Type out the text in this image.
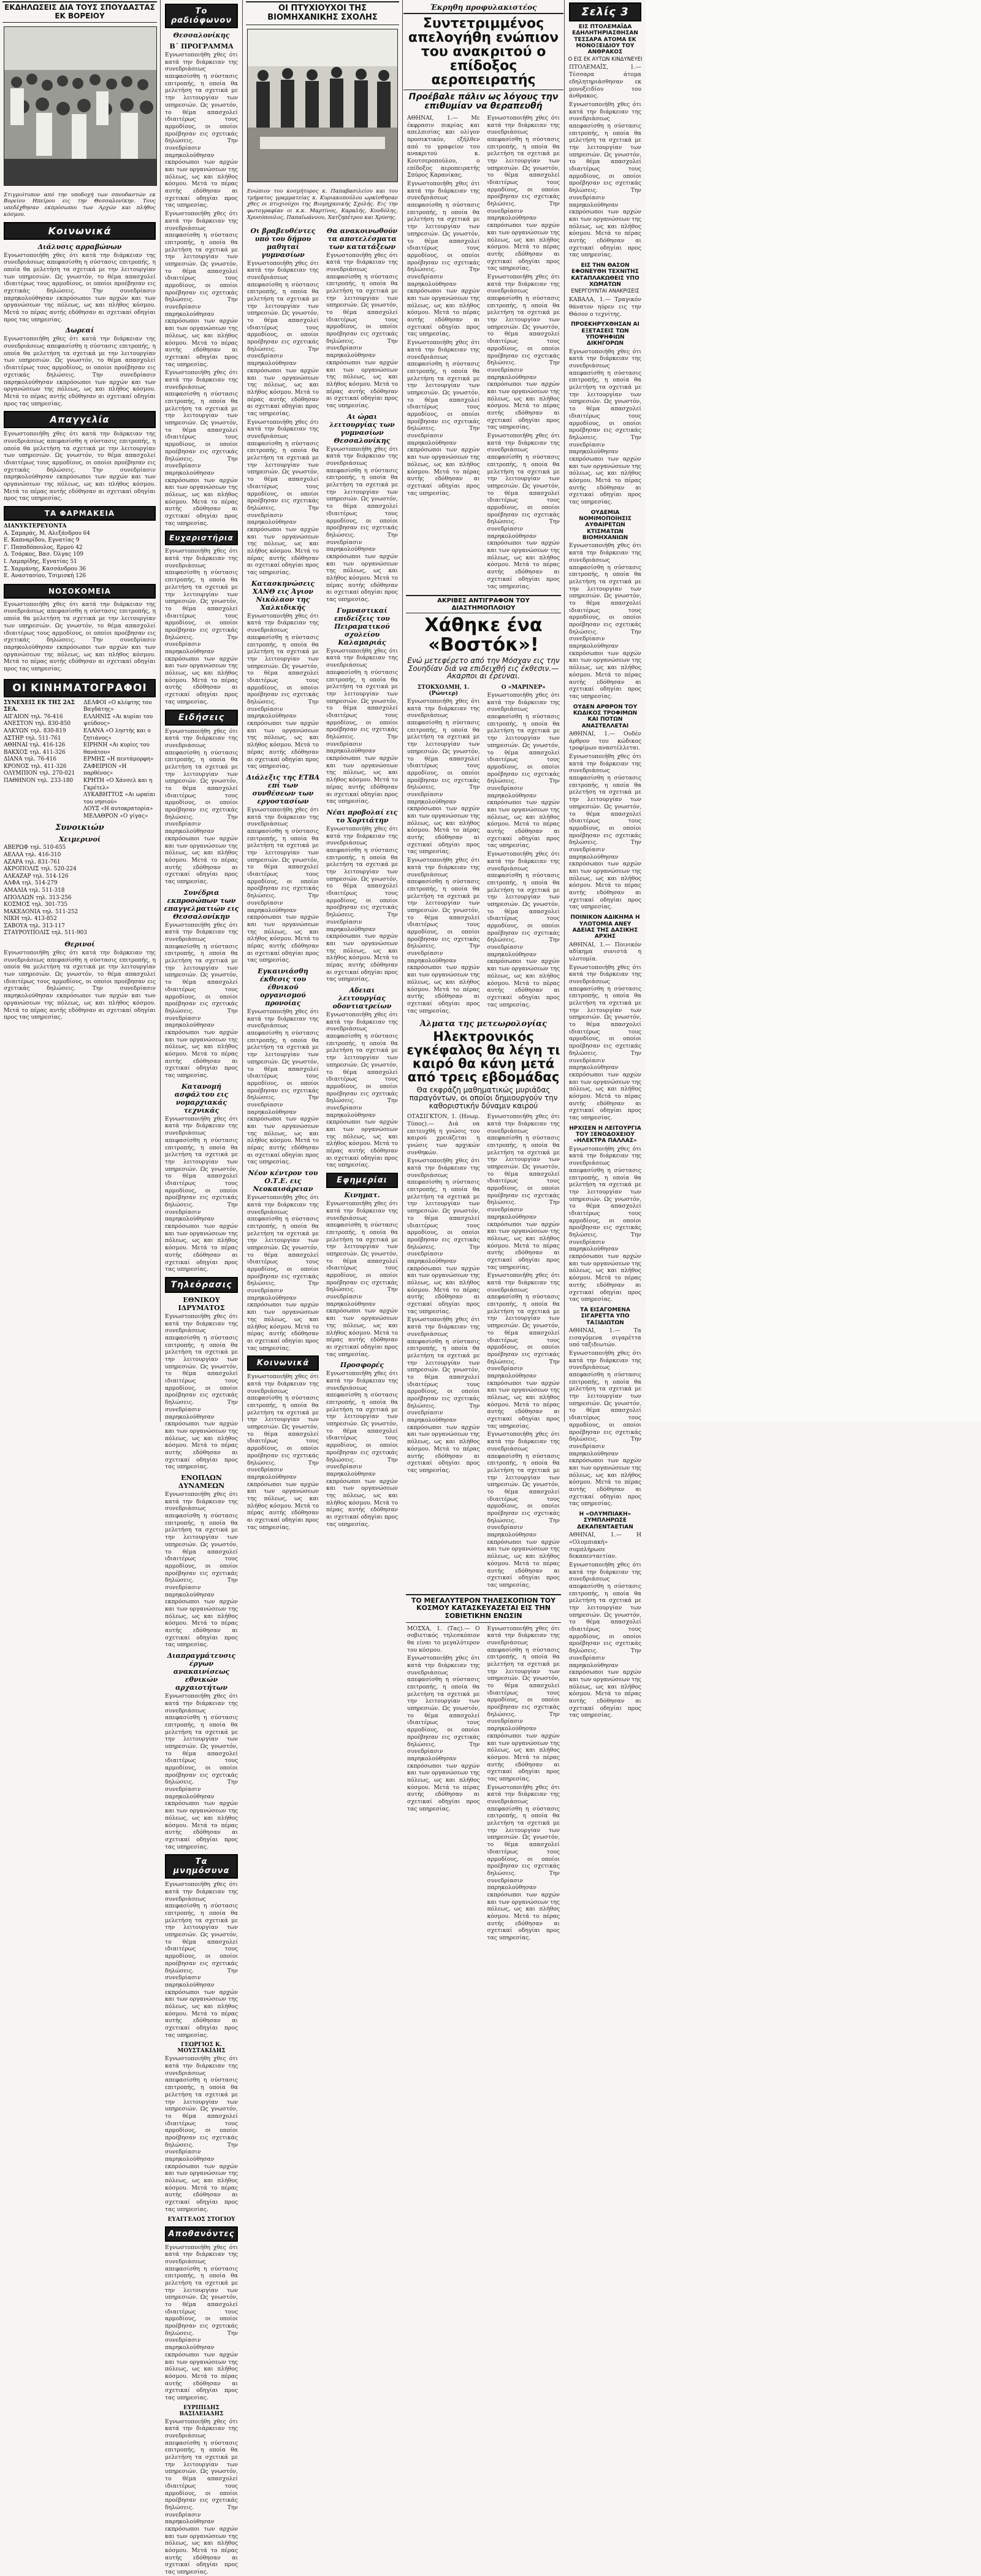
ΕΚΔΗΛΩΣΕΙΣ ΔΙΑ ΤΟΥΣ ΣΠΟΥΔΑΣΤΑΣ ΕΚ ΒΟΡΕΙΟΥ
Στιγμιότυπον από την υποδοχή των σπουδαστών εκ Βορείου Ηπείρου εις την Θεσσαλονίκην. Τους υπεδέχθησαν εκπρόσωποι των Αρχών και πλήθος κόσμου.
Κοινωνικά
Διάλυσις αρραβώνων
Εγνωστοποιήθη χθες ότι κατά την διάρκειαν της συνεδριάσεως απεφασίσθη η σύστασις επιτροπής, η οποία θα μελετήση τα σχετικά με την λειτουργίαν των υπηρεσιών. Ως γνωστόν, το θέμα απασχολεί ιδιαιτέρως τους αρμοδίους, οι οποίοι προέβησαν εις σχετικάς δηλώσεις. Την συνεδρίασιν παρηκολούθησαν εκπρόσωποι των αρχών και των οργανώσεων της πόλεως, ως και πλήθος κόσμου. Μετά το πέρας αυτής εδόθησαν αι σχετικαί οδηγίαι προς τας υπηρεσίας.
Δωρεαί
Εγνωστοποιήθη χθες ότι κατά την διάρκειαν της συνεδριάσεως απεφασίσθη η σύστασις επιτροπής, η οποία θα μελετήση τα σχετικά με την λειτουργίαν των υπηρεσιών. Ως γνωστόν, το θέμα απασχολεί ιδιαιτέρως τους αρμοδίους, οι οποίοι προέβησαν εις σχετικάς δηλώσεις. Την συνεδρίασιν παρηκολούθησαν εκπρόσωποι των αρχών και των οργανώσεων της πόλεως, ως και πλήθος κόσμου. Μετά το πέρας αυτής εδόθησαν αι σχετικαί οδηγίαι προς τας υπηρεσίας.
Απαγγελία
Εγνωστοποιήθη χθες ότι κατά την διάρκειαν της συνεδριάσεως απεφασίσθη η σύστασις επιτροπής, η οποία θα μελετήση τα σχετικά με την λειτουργίαν των υπηρεσιών. Ως γνωστόν, το θέμα απασχολεί ιδιαιτέρως τους αρμοδίους, οι οποίοι προέβησαν εις σχετικάς δηλώσεις. Την συνεδρίασιν παρηκολούθησαν εκπρόσωποι των αρχών και των οργανώσεων της πόλεως, ως και πλήθος κόσμου. Μετά το πέρας αυτής εδόθησαν αι σχετικαί οδηγίαι προς τας υπηρεσίας.
ΤΑ ΦΑΡΜΑΚΕΙΑ
ΔΙΑΝΥΚΤΕΡΕΥΟΝΤΑ
Α. Σαμαράς, Μ. Αλεξάνδρου 64
Ε. Καπναρίδου, Εγνατίας 9
Γ. Παπαδόπουλος, Ερμού 42
Δ. Τσάρκος, Βασ. Όλγας 109
Ι. Λαμπρίδης, Εγνατίας 51
Σ. Χαρμάνης, Κασσάνδρου 36
Ε. Αναστασίου, Τσιμισκή 126
ΝΟΣΟΚΟΜΕΙΑ
Εγνωστοποιήθη χθες ότι κατά την διάρκειαν της συνεδριάσεως απεφασίσθη η σύστασις επιτροπής, η οποία θα μελετήση τα σχετικά με την λειτουργίαν των υπηρεσιών. Ως γνωστόν, το θέμα απασχολεί ιδιαιτέρως τους αρμοδίους, οι οποίοι προέβησαν εις σχετικάς δηλώσεις. Την συνεδρίασιν παρηκολούθησαν εκπρόσωποι των αρχών και των οργανώσεων της πόλεως, ως και πλήθος κόσμου. Μετά το πέρας αυτής εδόθησαν αι σχετικαί οδηγίαι προς τας υπηρεσίας.
ΟΙ ΚΙΝΗΜΑΤΟΓΡΑΦΟΙ
ΣΥΝΕΧΕΙΣ ΕΚ ΤΗΣ 2ΑΣ ΣΕΑ.
ΑΙΓΑΙΟΝ τηλ. 76-416
ΑΝΕΣΤΟΝ τηλ. 830-850
ΑΛΚΥΩΝ τηλ. 830-819
ΑΣΤΗΡ τηλ. 511-761
ΑΘΗΝΑΙ τηλ. 416-126
ΒΑΚΧΟΣ τηλ. 411-326
ΔΙΑΝΑ τηλ. 76-416
ΚΡΟΝΟΣ τηλ. 411-326
ΟΛΥΜΠΙΟΝ τηλ. 270-021
ΠΑΘΗΝΟΝ τηλ. 233-180
ΔΕΛΦΟΙ «Ο κλέφτης του Βαγδάτης»
ΕΛΛΗΝΙΣ «Αι κυρίαι του ψεύδους»
ΕΛΑΝΑ «Ο ληστής και ο ζητιάνος»
ΕΙΡΗΝΗ «Αι κυρίες του θανάτου»
ΕΡΜΗΣ «Η πεντάμορφη»
ΖΑΦΕΙΡΙΟΝ «Η παρθένος»
ΚΡΗΤΗ «Ο Χάνσελ και η Γκρέτελ»
ΛΥΚΑΒΗΤΤΟΣ «Αι ωραίαι του νησιού»
ΛΟΥΞ «Η αυτοκρατορία»
ΜΕΛΑΘΡΟΝ «Ο γίγας»
Συνοικιών
Χειμερινοί
ΑΒΕΡΩΦ τηλ. 510-655
ΑΕΛΛΑ τηλ. 416-310
ΑΖΑΡΑ τηλ. 831-761
ΑΚΡΟΠΟΛΙΣ τηλ. 520-224
ΑΛΚΑΖΑΡ τηλ. 514-126
ΑΛΦΑ τηλ. 514-279
ΑΜΑΛΙΑ τηλ. 511-318
ΑΠΟΛΛΩΝ τηλ. 313-256
ΚΟΣΜΟΣ τηλ. 301-735
ΜΑΚΕΔΟΝΙΑ τηλ. 511-252
ΝΙΚΗ τηλ. 413-852
ΣΑΒΟΥΑ τηλ. 313-117
ΣΤΑΥΡΟΥΠΟΛΙΣ τηλ. 511-903
Θερινοί
Εγνωστοποιήθη χθες ότι κατά την διάρκειαν της συνεδριάσεως απεφασίσθη η σύστασις επιτροπής, η οποία θα μελετήση τα σχετικά με την λειτουργίαν των υπηρεσιών. Ως γνωστόν, το θέμα απασχολεί ιδιαιτέρως τους αρμοδίους, οι οποίοι προέβησαν εις σχετικάς δηλώσεις. Την συνεδρίασιν παρηκολούθησαν εκπρόσωποι των αρχών και των οργανώσεων της πόλεως, ως και πλήθος κόσμου. Μετά το πέρας αυτής εδόθησαν αι σχετικαί οδηγίαι προς τας υπηρεσίας.
Το ραδιόφωνον
Θεσσαλονίκης
Β΄ ΠΡΟΓΡΑΜΜΑ
Εγνωστοποιήθη χθες ότι κατά την διάρκειαν της συνεδριάσεως απεφασίσθη η σύστασις επιτροπής, η οποία θα μελετήση τα σχετικά με την λειτουργίαν των υπηρεσιών. Ως γνωστόν, το θέμα απασχολεί ιδιαιτέρως τους αρμοδίους, οι οποίοι προέβησαν εις σχετικάς δηλώσεις. Την συνεδρίασιν παρηκολούθησαν εκπρόσωποι των αρχών και των οργανώσεων της πόλεως, ως και πλήθος κόσμου. Μετά το πέρας αυτής εδόθησαν αι σχετικαί οδηγίαι προς τας υπηρεσίας.
Εγνωστοποιήθη χθες ότι κατά την διάρκειαν της συνεδριάσεως απεφασίσθη η σύστασις επιτροπής, η οποία θα μελετήση τα σχετικά με την λειτουργίαν των υπηρεσιών. Ως γνωστόν, το θέμα απασχολεί ιδιαιτέρως τους αρμοδίους, οι οποίοι προέβησαν εις σχετικάς δηλώσεις. Την συνεδρίασιν παρηκολούθησαν εκπρόσωποι των αρχών και των οργανώσεων της πόλεως, ως και πλήθος κόσμου. Μετά το πέρας αυτής εδόθησαν αι σχετικαί οδηγίαι προς τας υπηρεσίας.
Εγνωστοποιήθη χθες ότι κατά την διάρκειαν της συνεδριάσεως απεφασίσθη η σύστασις επιτροπής, η οποία θα μελετήση τα σχετικά με την λειτουργίαν των υπηρεσιών. Ως γνωστόν, το θέμα απασχολεί ιδιαιτέρως τους αρμοδίους, οι οποίοι προέβησαν εις σχετικάς δηλώσεις. Την συνεδρίασιν παρηκολούθησαν εκπρόσωποι των αρχών και των οργανώσεων της πόλεως, ως και πλήθος κόσμου. Μετά το πέρας αυτής εδόθησαν αι σχετικαί οδηγίαι προς τας υπηρεσίας.
Ευχαριστήρια
Εγνωστοποιήθη χθες ότι κατά την διάρκειαν της συνεδριάσεως απεφασίσθη η σύστασις επιτροπής, η οποία θα μελετήση τα σχετικά με την λειτουργίαν των υπηρεσιών. Ως γνωστόν, το θέμα απασχολεί ιδιαιτέρως τους αρμοδίους, οι οποίοι προέβησαν εις σχετικάς δηλώσεις. Την συνεδρίασιν παρηκολούθησαν εκπρόσωποι των αρχών και των οργανώσεων της πόλεως, ως και πλήθος κόσμου. Μετά το πέρας αυτής εδόθησαν αι σχετικαί οδηγίαι προς τας υπηρεσίας.
Ειδήσεις
Εγνωστοποιήθη χθες ότι κατά την διάρκειαν της συνεδριάσεως απεφασίσθη η σύστασις επιτροπής, η οποία θα μελετήση τα σχετικά με την λειτουργίαν των υπηρεσιών. Ως γνωστόν, το θέμα απασχολεί ιδιαιτέρως τους αρμοδίους, οι οποίοι προέβησαν εις σχετικάς δηλώσεις. Την συνεδρίασιν παρηκολούθησαν εκπρόσωποι των αρχών και των οργανώσεων της πόλεως, ως και πλήθος κόσμου. Μετά το πέρας αυτής εδόθησαν αι σχετικαί οδηγίαι προς τας υπηρεσίας.
Συνέδρια εκπροσώπων των επαγγελματιών εις Θεσσαλονίκην
Εγνωστοποιήθη χθες ότι κατά την διάρκειαν της συνεδριάσεως απεφασίσθη η σύστασις επιτροπής, η οποία θα μελετήση τα σχετικά με την λειτουργίαν των υπηρεσιών. Ως γνωστόν, το θέμα απασχολεί ιδιαιτέρως τους αρμοδίους, οι οποίοι προέβησαν εις σχετικάς δηλώσεις. Την συνεδρίασιν παρηκολούθησαν εκπρόσωποι των αρχών και των οργανώσεων της πόλεως, ως και πλήθος κόσμου. Μετά το πέρας αυτής εδόθησαν αι σχετικαί οδηγίαι προς τας υπηρεσίας.
Κατανομή ασφάλτου εις νομαρχιακάς τεχνικάς
Εγνωστοποιήθη χθες ότι κατά την διάρκειαν της συνεδριάσεως απεφασίσθη η σύστασις επιτροπής, η οποία θα μελετήση τα σχετικά με την λειτουργίαν των υπηρεσιών. Ως γνωστόν, το θέμα απασχολεί ιδιαιτέρως τους αρμοδίους, οι οποίοι προέβησαν εις σχετικάς δηλώσεις. Την συνεδρίασιν παρηκολούθησαν εκπρόσωποι των αρχών και των οργανώσεων της πόλεως, ως και πλήθος κόσμου. Μετά το πέρας αυτής εδόθησαν αι σχετικαί οδηγίαι προς τας υπηρεσίας.
Τηλεόρασις
ΕΘΝΙΚΟΥ ΙΔΡΥΜΑΤΟΣ
Εγνωστοποιήθη χθες ότι κατά την διάρκειαν της συνεδριάσεως απεφασίσθη η σύστασις επιτροπής, η οποία θα μελετήση τα σχετικά με την λειτουργίαν των υπηρεσιών. Ως γνωστόν, το θέμα απασχολεί ιδιαιτέρως τους αρμοδίους, οι οποίοι προέβησαν εις σχετικάς δηλώσεις. Την συνεδρίασιν παρηκολούθησαν εκπρόσωποι των αρχών και των οργανώσεων της πόλεως, ως και πλήθος κόσμου. Μετά το πέρας αυτής εδόθησαν αι σχετικαί οδηγίαι προς τας υπηρεσίας.
ΕΝΟΠΛΩΝ ΔΥΝΑΜΕΩΝ
Εγνωστοποιήθη χθες ότι κατά την διάρκειαν της συνεδριάσεως απεφασίσθη η σύστασις επιτροπής, η οποία θα μελετήση τα σχετικά με την λειτουργίαν των υπηρεσιών. Ως γνωστόν, το θέμα απασχολεί ιδιαιτέρως τους αρμοδίους, οι οποίοι προέβησαν εις σχετικάς δηλώσεις. Την συνεδρίασιν παρηκολούθησαν εκπρόσωποι των αρχών και των οργανώσεων της πόλεως, ως και πλήθος κόσμου. Μετά το πέρας αυτής εδόθησαν αι σχετικαί οδηγίαι προς τας υπηρεσίας.
Διαπραγμάτευσις έργων ανακαινίσεως εθνικών αρχαιοτήτων
Εγνωστοποιήθη χθες ότι κατά την διάρκειαν της συνεδριάσεως απεφασίσθη η σύστασις επιτροπής, η οποία θα μελετήση τα σχετικά με την λειτουργίαν των υπηρεσιών. Ως γνωστόν, το θέμα απασχολεί ιδιαιτέρως τους αρμοδίους, οι οποίοι προέβησαν εις σχετικάς δηλώσεις. Την συνεδρίασιν παρηκολούθησαν εκπρόσωποι των αρχών και των οργανώσεων της πόλεως, ως και πλήθος κόσμου. Μετά το πέρας αυτής εδόθησαν αι σχετικαί οδηγίαι προς τας υπηρεσίας.
Τα μνημόσυνα
Εγνωστοποιήθη χθες ότι κατά την διάρκειαν της συνεδριάσεως απεφασίσθη η σύστασις επιτροπής, η οποία θα μελετήση τα σχετικά με την λειτουργίαν των υπηρεσιών. Ως γνωστόν, το θέμα απασχολεί ιδιαιτέρως τους αρμοδίους, οι οποίοι προέβησαν εις σχετικάς δηλώσεις. Την συνεδρίασιν παρηκολούθησαν εκπρόσωποι των αρχών και των οργανώσεων της πόλεως, ως και πλήθος κόσμου. Μετά το πέρας αυτής εδόθησαν αι σχετικαί οδηγίαι προς τας υπηρεσίας.
ΓΕΩΡΓΙΟΣ Κ. ΜΟΥΣΤΑΚΙΔΗΣ
Εγνωστοποιήθη χθες ότι κατά την διάρκειαν της συνεδριάσεως απεφασίσθη η σύστασις επιτροπής, η οποία θα μελετήση τα σχετικά με την λειτουργίαν των υπηρεσιών. Ως γνωστόν, το θέμα απασχολεί ιδιαιτέρως τους αρμοδίους, οι οποίοι προέβησαν εις σχετικάς δηλώσεις. Την συνεδρίασιν παρηκολούθησαν εκπρόσωποι των αρχών και των οργανώσεων της πόλεως, ως και πλήθος κόσμου. Μετά το πέρας αυτής εδόθησαν αι σχετικαί οδηγίαι προς τας υπηρεσίας.
ΕΥΑΓΓΕΛΟΣ ΣΤΟΓΙΟΥ
Αποθανόντες
Εγνωστοποιήθη χθες ότι κατά την διάρκειαν της συνεδριάσεως απεφασίσθη η σύστασις επιτροπής, η οποία θα μελετήση τα σχετικά με την λειτουργίαν των υπηρεσιών. Ως γνωστόν, το θέμα απασχολεί ιδιαιτέρως τους αρμοδίους, οι οποίοι προέβησαν εις σχετικάς δηλώσεις. Την συνεδρίασιν παρηκολούθησαν εκπρόσωποι των αρχών και των οργανώσεων της πόλεως, ως και πλήθος κόσμου. Μετά το πέρας αυτής εδόθησαν αι σχετικαί οδηγίαι προς τας υπηρεσίας.
ΕΥΡΙΠΙΔΗΣ ΒΑΣΙΛΕΙΑΔΗΣ
Εγνωστοποιήθη χθες ότι κατά την διάρκειαν της συνεδριάσεως απεφασίσθη η σύστασις επιτροπής, η οποία θα μελετήση τα σχετικά με την λειτουργίαν των υπηρεσιών. Ως γνωστόν, το θέμα απασχολεί ιδιαιτέρως τους αρμοδίους, οι οποίοι προέβησαν εις σχετικάς δηλώσεις. Την συνεδρίασιν παρηκολούθησαν εκπρόσωποι των αρχών και των οργανώσεων της πόλεως, ως και πλήθος κόσμου. Μετά το πέρας αυτής εδόθησαν αι σχετικαί οδηγίαι προς τας υπηρεσίας.
ΟΙ ΠΤΥΧΙΟΥΧΟΙ ΤΗΣ ΒΙΟΜΗΧΑΝΙΚΗΣ ΣΧΟΛΗΣ
Ενώπιον του κοσμήτορος κ. Παπαβασιλείου και του τμήματος γραμματείας κ. Κυριακοπούλου ωρκίσθησαν χθες οι πτυχιούχοι της Βιομηχανικής Σχολής. Εις την φωτογραφίαν οι κ.κ. Μαρτίνος, Καραλής, Κονδόλης, Χρυσόπουλος, Παπαϊωάννου, Χατζηπέτρου και Χρύσης.
Οι βραβευθέντες υπό του δήμου μαθηταί γυμνασίων
Εγνωστοποιήθη χθες ότι κατά την διάρκειαν της συνεδριάσεως απεφασίσθη η σύστασις επιτροπής, η οποία θα μελετήση τα σχετικά με την λειτουργίαν των υπηρεσιών. Ως γνωστόν, το θέμα απασχολεί ιδιαιτέρως τους αρμοδίους, οι οποίοι προέβησαν εις σχετικάς δηλώσεις. Την συνεδρίασιν παρηκολούθησαν εκπρόσωποι των αρχών και των οργανώσεων της πόλεως, ως και πλήθος κόσμου. Μετά το πέρας αυτής εδόθησαν αι σχετικαί οδηγίαι προς τας υπηρεσίας.
Εγνωστοποιήθη χθες ότι κατά την διάρκειαν της συνεδριάσεως απεφασίσθη η σύστασις επιτροπής, η οποία θα μελετήση τα σχετικά με την λειτουργίαν των υπηρεσιών. Ως γνωστόν, το θέμα απασχολεί ιδιαιτέρως τους αρμοδίους, οι οποίοι προέβησαν εις σχετικάς δηλώσεις. Την συνεδρίασιν παρηκολούθησαν εκπρόσωποι των αρχών και των οργανώσεων της πόλεως, ως και πλήθος κόσμου. Μετά το πέρας αυτής εδόθησαν αι σχετικαί οδηγίαι προς τας υπηρεσίας.
Κατασκηνώσεις ΧΑΝΘ εις Άγιον Νικόλαον της Χαλκιδικής
Εγνωστοποιήθη χθες ότι κατά την διάρκειαν της συνεδριάσεως απεφασίσθη η σύστασις επιτροπής, η οποία θα μελετήση τα σχετικά με την λειτουργίαν των υπηρεσιών. Ως γνωστόν, το θέμα απασχολεί ιδιαιτέρως τους αρμοδίους, οι οποίοι προέβησαν εις σχετικάς δηλώσεις. Την συνεδρίασιν παρηκολούθησαν εκπρόσωποι των αρχών και των οργανώσεων της πόλεως, ως και πλήθος κόσμου. Μετά το πέρας αυτής εδόθησαν αι σχετικαί οδηγίαι προς τας υπηρεσίας.
Διάλεξις της ΕΤΒΑ επί των συνθέσεων των εργοστασίων
Εγνωστοποιήθη χθες ότι κατά την διάρκειαν της συνεδριάσεως απεφασίσθη η σύστασις επιτροπής, η οποία θα μελετήση τα σχετικά με την λειτουργίαν των υπηρεσιών. Ως γνωστόν, το θέμα απασχολεί ιδιαιτέρως τους αρμοδίους, οι οποίοι προέβησαν εις σχετικάς δηλώσεις. Την συνεδρίασιν παρηκολούθησαν εκπρόσωποι των αρχών και των οργανώσεων της πόλεως, ως και πλήθος κόσμου. Μετά το πέρας αυτής εδόθησαν αι σχετικαί οδηγίαι προς τας υπηρεσίας.
Εγκαινιάσθη έκθεσις του έθνικού οργανισμού προνοίας
Εγνωστοποιήθη χθες ότι κατά την διάρκειαν της συνεδριάσεως απεφασίσθη η σύστασις επιτροπής, η οποία θα μελετήση τα σχετικά με την λειτουργίαν των υπηρεσιών. Ως γνωστόν, το θέμα απασχολεί ιδιαιτέρως τους αρμοδίους, οι οποίοι προέβησαν εις σχετικάς δηλώσεις. Την συνεδρίασιν παρηκολούθησαν εκπρόσωποι των αρχών και των οργανώσεων της πόλεως, ως και πλήθος κόσμου. Μετά το πέρας αυτής εδόθησαν αι σχετικαί οδηγίαι προς τας υπηρεσίας.
Νέον κέντρον του Ο.Τ.Ε. εις Νεοκαισάρειαν
Εγνωστοποιήθη χθες ότι κατά την διάρκειαν της συνεδριάσεως απεφασίσθη η σύστασις επιτροπής, η οποία θα μελετήση τα σχετικά με την λειτουργίαν των υπηρεσιών. Ως γνωστόν, το θέμα απασχολεί ιδιαιτέρως τους αρμοδίους, οι οποίοι προέβησαν εις σχετικάς δηλώσεις. Την συνεδρίασιν παρηκολούθησαν εκπρόσωποι των αρχών και των οργανώσεων της πόλεως, ως και πλήθος κόσμου. Μετά το πέρας αυτής εδόθησαν αι σχετικαί οδηγίαι προς τας υπηρεσίας.
Κοινωνικά
Εγνωστοποιήθη χθες ότι κατά την διάρκειαν της συνεδριάσεως απεφασίσθη η σύστασις επιτροπής, η οποία θα μελετήση τα σχετικά με την λειτουργίαν των υπηρεσιών. Ως γνωστόν, το θέμα απασχολεί ιδιαιτέρως τους αρμοδίους, οι οποίοι προέβησαν εις σχετικάς δηλώσεις. Την συνεδρίασιν παρηκολούθησαν εκπρόσωποι των αρχών και των οργανώσεων της πόλεως, ως και πλήθος κόσμου. Μετά το πέρας αυτής εδόθησαν αι σχετικαί οδηγίαι προς τας υπηρεσίας.
Θα ανακοινωθούν τα αποτελέσματα των κατατάξεων
Εγνωστοποιήθη χθες ότι κατά την διάρκειαν της συνεδριάσεως απεφασίσθη η σύστασις επιτροπής, η οποία θα μελετήση τα σχετικά με την λειτουργίαν των υπηρεσιών. Ως γνωστόν, το θέμα απασχολεί ιδιαιτέρως τους αρμοδίους, οι οποίοι προέβησαν εις σχετικάς δηλώσεις. Την συνεδρίασιν παρηκολούθησαν εκπρόσωποι των αρχών και των οργανώσεων της πόλεως, ως και πλήθος κόσμου. Μετά το πέρας αυτής εδόθησαν αι σχετικαί οδηγίαι προς τας υπηρεσίας.
Αι ώραι λειτουργίας των γυμνασίων Θεσσαλονίκης
Εγνωστοποιήθη χθες ότι κατά την διάρκειαν της συνεδριάσεως απεφασίσθη η σύστασις επιτροπής, η οποία θα μελετήση τα σχετικά με την λειτουργίαν των υπηρεσιών. Ως γνωστόν, το θέμα απασχολεί ιδιαιτέρως τους αρμοδίους, οι οποίοι προέβησαν εις σχετικάς δηλώσεις. Την συνεδρίασιν παρηκολούθησαν εκπρόσωποι των αρχών και των οργανώσεων της πόλεως, ως και πλήθος κόσμου. Μετά το πέρας αυτής εδόθησαν αι σχετικαί οδηγίαι προς τας υπηρεσίας.
Γυμναστικαί επιδείξεις του Πειραματικού σχολείου Καλαμαριάς
Εγνωστοποιήθη χθες ότι κατά την διάρκειαν της συνεδριάσεως απεφασίσθη η σύστασις επιτροπής, η οποία θα μελετήση τα σχετικά με την λειτουργίαν των υπηρεσιών. Ως γνωστόν, το θέμα απασχολεί ιδιαιτέρως τους αρμοδίους, οι οποίοι προέβησαν εις σχετικάς δηλώσεις. Την συνεδρίασιν παρηκολούθησαν εκπρόσωποι των αρχών και των οργανώσεων της πόλεως, ως και πλήθος κόσμου. Μετά το πέρας αυτής εδόθησαν αι σχετικαί οδηγίαι προς τας υπηρεσίας.
Νέαι προβολαί εις το Χορτιάτην
Εγνωστοποιήθη χθες ότι κατά την διάρκειαν της συνεδριάσεως απεφασίσθη η σύστασις επιτροπής, η οποία θα μελετήση τα σχετικά με την λειτουργίαν των υπηρεσιών. Ως γνωστόν, το θέμα απασχολεί ιδιαιτέρως τους αρμοδίους, οι οποίοι προέβησαν εις σχετικάς δηλώσεις. Την συνεδρίασιν παρηκολούθησαν εκπρόσωποι των αρχών και των οργανώσεων της πόλεως, ως και πλήθος κόσμου. Μετά το πέρας αυτής εδόθησαν αι σχετικαί οδηγίαι προς τας υπηρεσίας.
Αδειαι λειτουργίας οδοντιατρείων
Εγνωστοποιήθη χθες ότι κατά την διάρκειαν της συνεδριάσεως απεφασίσθη η σύστασις επιτροπής, η οποία θα μελετήση τα σχετικά με την λειτουργίαν των υπηρεσιών. Ως γνωστόν, το θέμα απασχολεί ιδιαιτέρως τους αρμοδίους, οι οποίοι προέβησαν εις σχετικάς δηλώσεις. Την συνεδρίασιν παρηκολούθησαν εκπρόσωποι των αρχών και των οργανώσεων της πόλεως, ως και πλήθος κόσμου. Μετά το πέρας αυτής εδόθησαν αι σχετικαί οδηγίαι προς τας υπηρεσίας.
Εφημερίαι
Κινηματ.
Εγνωστοποιήθη χθες ότι κατά την διάρκειαν της συνεδριάσεως απεφασίσθη η σύστασις επιτροπής, η οποία θα μελετήση τα σχετικά με την λειτουργίαν των υπηρεσιών. Ως γνωστόν, το θέμα απασχολεί ιδιαιτέρως τους αρμοδίους, οι οποίοι προέβησαν εις σχετικάς δηλώσεις. Την συνεδρίασιν παρηκολούθησαν εκπρόσωποι των αρχών και των οργανώσεων της πόλεως, ως και πλήθος κόσμου. Μετά το πέρας αυτής εδόθησαν αι σχετικαί οδηγίαι προς τας υπηρεσίας.
Προσφορές
Εγνωστοποιήθη χθες ότι κατά την διάρκειαν της συνεδριάσεως απεφασίσθη η σύστασις επιτροπής, η οποία θα μελετήση τα σχετικά με την λειτουργίαν των υπηρεσιών. Ως γνωστόν, το θέμα απασχολεί ιδιαιτέρως τους αρμοδίους, οι οποίοι προέβησαν εις σχετικάς δηλώσεις. Την συνεδρίασιν παρηκολούθησαν εκπρόσωποι των αρχών και των οργανώσεων της πόλεως, ως και πλήθος κόσμου. Μετά το πέρας αυτής εδόθησαν αι σχετικαί οδηγίαι προς τας υπηρεσίας.
Έκρηθη προφυλακιστέος
Συντετριμμένος απελογήθη ενώπιον του ανακριτού ο επίδοξος αεροπειρατής
Προέβαλε πάλιν ως λόγους την επιθυμίαν να θεραπευθή
ΑΘΗΝΑΙ, 1.— Με έκφρασιν πικρίας και απελπισίας και ολίγον προσεκτικόν, εξήλθεν από το γραφείον του ανακριτού κ. Κουτσεροπούλου, ο επίδοξος αεροπειρατής Σπύρος Καρανίκας.
Εγνωστοποιήθη χθες ότι κατά την διάρκειαν της συνεδριάσεως απεφασίσθη η σύστασις επιτροπής, η οποία θα μελετήση τα σχετικά με την λειτουργίαν των υπηρεσιών. Ως γνωστόν, το θέμα απασχολεί ιδιαιτέρως τους αρμοδίους, οι οποίοι προέβησαν εις σχετικάς δηλώσεις. Την συνεδρίασιν παρηκολούθησαν εκπρόσωποι των αρχών και των οργανώσεων της πόλεως, ως και πλήθος κόσμου. Μετά το πέρας αυτής εδόθησαν αι σχετικαί οδηγίαι προς τας υπηρεσίας.
Εγνωστοποιήθη χθες ότι κατά την διάρκειαν της συνεδριάσεως απεφασίσθη η σύστασις επιτροπής, η οποία θα μελετήση τα σχετικά με την λειτουργίαν των υπηρεσιών. Ως γνωστόν, το θέμα απασχολεί ιδιαιτέρως τους αρμοδίους, οι οποίοι προέβησαν εις σχετικάς δηλώσεις. Την συνεδρίασιν παρηκολούθησαν εκπρόσωποι των αρχών και των οργανώσεων της πόλεως, ως και πλήθος κόσμου. Μετά το πέρας αυτής εδόθησαν αι σχετικαί οδηγίαι προς τας υπηρεσίας.
Εγνωστοποιήθη χθες ότι κατά την διάρκειαν της συνεδριάσεως απεφασίσθη η σύστασις επιτροπής, η οποία θα μελετήση τα σχετικά με την λειτουργίαν των υπηρεσιών. Ως γνωστόν, το θέμα απασχολεί ιδιαιτέρως τους αρμοδίους, οι οποίοι προέβησαν εις σχετικάς δηλώσεις. Την συνεδρίασιν παρηκολούθησαν εκπρόσωποι των αρχών και των οργανώσεων της πόλεως, ως και πλήθος κόσμου. Μετά το πέρας αυτής εδόθησαν αι σχετικαί οδηγίαι προς τας υπηρεσίας.
Εγνωστοποιήθη χθες ότι κατά την διάρκειαν της συνεδριάσεως απεφασίσθη η σύστασις επιτροπής, η οποία θα μελετήση τα σχετικά με την λειτουργίαν των υπηρεσιών. Ως γνωστόν, το θέμα απασχολεί ιδιαιτέρως τους αρμοδίους, οι οποίοι προέβησαν εις σχετικάς δηλώσεις. Την συνεδρίασιν παρηκολούθησαν εκπρόσωποι των αρχών και των οργανώσεων της πόλεως, ως και πλήθος κόσμου. Μετά το πέρας αυτής εδόθησαν αι σχετικαί οδηγίαι προς τας υπηρεσίας.
Εγνωστοποιήθη χθες ότι κατά την διάρκειαν της συνεδριάσεως απεφασίσθη η σύστασις επιτροπής, η οποία θα μελετήση τα σχετικά με την λειτουργίαν των υπηρεσιών. Ως γνωστόν, το θέμα απασχολεί ιδιαιτέρως τους αρμοδίους, οι οποίοι προέβησαν εις σχετικάς δηλώσεις. Την συνεδρίασιν παρηκολούθησαν εκπρόσωποι των αρχών και των οργανώσεων της πόλεως, ως και πλήθος κόσμου. Μετά το πέρας αυτής εδόθησαν αι σχετικαί οδηγίαι προς τας υπηρεσίας.
ΑΚΡΙΒΕΣ ΑΝΤΙΓΡΑΦΟΝ ΤΟΥ ΔΙΑΣΤΗΜΟΠΛΟΙΟΥ
Χάθηκε ένα «Βοστόκ»!
Ενώ μετεφέρετο από την Μόσχαν εις την Σουηδίαν διά να επιδειχθή εις έκθεσιν.— Ακαρποι αι έρευναι.
ΣΤΟΚΧΟΛΜΗ, 1. (Ρώυτερ)
Εγνωστοποιήθη χθες ότι κατά την διάρκειαν της συνεδριάσεως απεφασίσθη η σύστασις επιτροπής, η οποία θα μελετήση τα σχετικά με την λειτουργίαν των υπηρεσιών. Ως γνωστόν, το θέμα απασχολεί ιδιαιτέρως τους αρμοδίους, οι οποίοι προέβησαν εις σχετικάς δηλώσεις. Την συνεδρίασιν παρηκολούθησαν εκπρόσωποι των αρχών και των οργανώσεων της πόλεως, ως και πλήθος κόσμου. Μετά το πέρας αυτής εδόθησαν αι σχετικαί οδηγίαι προς τας υπηρεσίας.
Εγνωστοποιήθη χθες ότι κατά την διάρκειαν της συνεδριάσεως απεφασίσθη η σύστασις επιτροπής, η οποία θα μελετήση τα σχετικά με την λειτουργίαν των υπηρεσιών. Ως γνωστόν, το θέμα απασχολεί ιδιαιτέρως τους αρμοδίους, οι οποίοι προέβησαν εις σχετικάς δηλώσεις. Την συνεδρίασιν παρηκολούθησαν εκπρόσωποι των αρχών και των οργανώσεων της πόλεως, ως και πλήθος κόσμου. Μετά το πέρας αυτής εδόθησαν αι σχετικαί οδηγίαι προς τας υπηρεσίας.
Ο «ΜΑΡΙΝΕΡ»
Εγνωστοποιήθη χθες ότι κατά την διάρκειαν της συνεδριάσεως απεφασίσθη η σύστασις επιτροπής, η οποία θα μελετήση τα σχετικά με την λειτουργίαν των υπηρεσιών. Ως γνωστόν, το θέμα απασχολεί ιδιαιτέρως τους αρμοδίους, οι οποίοι προέβησαν εις σχετικάς δηλώσεις. Την συνεδρίασιν παρηκολούθησαν εκπρόσωποι των αρχών και των οργανώσεων της πόλεως, ως και πλήθος κόσμου. Μετά το πέρας αυτής εδόθησαν αι σχετικαί οδηγίαι προς τας υπηρεσίας.
Εγνωστοποιήθη χθες ότι κατά την διάρκειαν της συνεδριάσεως απεφασίσθη η σύστασις επιτροπής, η οποία θα μελετήση τα σχετικά με την λειτουργίαν των υπηρεσιών. Ως γνωστόν, το θέμα απασχολεί ιδιαιτέρως τους αρμοδίους, οι οποίοι προέβησαν εις σχετικάς δηλώσεις. Την συνεδρίασιν παρηκολούθησαν εκπρόσωποι των αρχών και των οργανώσεων της πόλεως, ως και πλήθος κόσμου. Μετά το πέρας αυτής εδόθησαν αι σχετικαί οδηγίαι προς τας υπηρεσίας.
Άλματα της μετεωρολογίας
Ηλεκτρονικός εγκέφαλος θα λέγη τι καιρό θα κάνη μετά από τρεις εβδομάδας
Θα εκφράζη μαθηματικώς μυριάδας παραγόντων, οι οποίοι δημιουργούν την καθοριστικήν δύναμιν καιρού
ΟΤΑΣΙΓΚΤΟΝ, 1. (Ηνωμ. Τύπος).— Διά να επιτευχθή η γνώσις του καιρού χρειάζεται η γνώσις των αρχικών συνθηκών.
Εγνωστοποιήθη χθες ότι κατά την διάρκειαν της συνεδριάσεως απεφασίσθη η σύστασις επιτροπής, η οποία θα μελετήση τα σχετικά με την λειτουργίαν των υπηρεσιών. Ως γνωστόν, το θέμα απασχολεί ιδιαιτέρως τους αρμοδίους, οι οποίοι προέβησαν εις σχετικάς δηλώσεις. Την συνεδρίασιν παρηκολούθησαν εκπρόσωποι των αρχών και των οργανώσεων της πόλεως, ως και πλήθος κόσμου. Μετά το πέρας αυτής εδόθησαν αι σχετικαί οδηγίαι προς τας υπηρεσίας.
Εγνωστοποιήθη χθες ότι κατά την διάρκειαν της συνεδριάσεως απεφασίσθη η σύστασις επιτροπής, η οποία θα μελετήση τα σχετικά με την λειτουργίαν των υπηρεσιών. Ως γνωστόν, το θέμα απασχολεί ιδιαιτέρως τους αρμοδίους, οι οποίοι προέβησαν εις σχετικάς δηλώσεις. Την συνεδρίασιν παρηκολούθησαν εκπρόσωποι των αρχών και των οργανώσεων της πόλεως, ως και πλήθος κόσμου. Μετά το πέρας αυτής εδόθησαν αι σχετικαί οδηγίαι προς τας υπηρεσίας.
Εγνωστοποιήθη χθες ότι κατά την διάρκειαν της συνεδριάσεως απεφασίσθη η σύστασις επιτροπής, η οποία θα μελετήση τα σχετικά με την λειτουργίαν των υπηρεσιών. Ως γνωστόν, το θέμα απασχολεί ιδιαιτέρως τους αρμοδίους, οι οποίοι προέβησαν εις σχετικάς δηλώσεις. Την συνεδρίασιν παρηκολούθησαν εκπρόσωποι των αρχών και των οργανώσεων της πόλεως, ως και πλήθος κόσμου. Μετά το πέρας αυτής εδόθησαν αι σχετικαί οδηγίαι προς τας υπηρεσίας.
Εγνωστοποιήθη χθες ότι κατά την διάρκειαν της συνεδριάσεως απεφασίσθη η σύστασις επιτροπής, η οποία θα μελετήση τα σχετικά με την λειτουργίαν των υπηρεσιών. Ως γνωστόν, το θέμα απασχολεί ιδιαιτέρως τους αρμοδίους, οι οποίοι προέβησαν εις σχετικάς δηλώσεις. Την συνεδρίασιν παρηκολούθησαν εκπρόσωποι των αρχών και των οργανώσεων της πόλεως, ως και πλήθος κόσμου. Μετά το πέρας αυτής εδόθησαν αι σχετικαί οδηγίαι προς τας υπηρεσίας.
Εγνωστοποιήθη χθες ότι κατά την διάρκειαν της συνεδριάσεως απεφασίσθη η σύστασις επιτροπής, η οποία θα μελετήση τα σχετικά με την λειτουργίαν των υπηρεσιών. Ως γνωστόν, το θέμα απασχολεί ιδιαιτέρως τους αρμοδίους, οι οποίοι προέβησαν εις σχετικάς δηλώσεις. Την συνεδρίασιν παρηκολούθησαν εκπρόσωποι των αρχών και των οργανώσεων της πόλεως, ως και πλήθος κόσμου. Μετά το πέρας αυτής εδόθησαν αι σχετικαί οδηγίαι προς τας υπηρεσίας.
ΤΟ ΜΕΓΑΛΥΤΕΡΟΝ ΤΗΛΕΣΚΟΠΙΟΝ ΤΟΥ ΚΟΣΜΟΥ ΚΑΤΑΣΚΕΥΑΖΕΤΑΙ ΕΙΣ ΤΗΝ ΣΟΒΙΕΤΙΚΗΝ ΕΝΩΣΙΝ
ΜΟΣΧΑ, 1. (Τας).— Ο σοβιετικός τηλεσκόπιον θα είναι το μεγαλύτερον του κόσμου.
Εγνωστοποιήθη χθες ότι κατά την διάρκειαν της συνεδριάσεως απεφασίσθη η σύστασις επιτροπής, η οποία θα μελετήση τα σχετικά με την λειτουργίαν των υπηρεσιών. Ως γνωστόν, το θέμα απασχολεί ιδιαιτέρως τους αρμοδίους, οι οποίοι προέβησαν εις σχετικάς δηλώσεις. Την συνεδρίασιν παρηκολούθησαν εκπρόσωποι των αρχών και των οργανώσεων της πόλεως, ως και πλήθος κόσμου. Μετά το πέρας αυτής εδόθησαν αι σχετικαί οδηγίαι προς τας υπηρεσίας.
Εγνωστοποιήθη χθες ότι κατά την διάρκειαν της συνεδριάσεως απεφασίσθη η σύστασις επιτροπής, η οποία θα μελετήση τα σχετικά με την λειτουργίαν των υπηρεσιών. Ως γνωστόν, το θέμα απασχολεί ιδιαιτέρως τους αρμοδίους, οι οποίοι προέβησαν εις σχετικάς δηλώσεις. Την συνεδρίασιν παρηκολούθησαν εκπρόσωποι των αρχών και των οργανώσεων της πόλεως, ως και πλήθος κόσμου. Μετά το πέρας αυτής εδόθησαν αι σχετικαί οδηγίαι προς τας υπηρεσίας.
Εγνωστοποιήθη χθες ότι κατά την διάρκειαν της συνεδριάσεως απεφασίσθη η σύστασις επιτροπής, η οποία θα μελετήση τα σχετικά με την λειτουργίαν των υπηρεσιών. Ως γνωστόν, το θέμα απασχολεί ιδιαιτέρως τους αρμοδίους, οι οποίοι προέβησαν εις σχετικάς δηλώσεις. Την συνεδρίασιν παρηκολούθησαν εκπρόσωποι των αρχών και των οργανώσεων της πόλεως, ως και πλήθος κόσμου. Μετά το πέρας αυτής εδόθησαν αι σχετικαί οδηγίαι προς τας υπηρεσίας.
Σελίς 3
ΕΙΣ ΠΤΟΛΕΜΑΪΔΑ ΕΔΗΛΗΤΗΡΙΑΣΘΗΣΑΝ ΤΕΣΣΑΡΑ ΑΤΟΜΑ ΕΚ ΜΟΝΟΞΕΙΔΙΟΥ ΤΟΥ ΑΝΘΡΑΚΟΣ
Ο ΕΙΣ ΕΚ ΑΥΤΩΝ ΚΙΝΔΥΝΕΥΕΙ
ΠΤΟΛΕΜΑΪΣ, 1.— Τέσσαρα άτομα εδηλητηριάσθησαν εκ μονοξειδίου του άνθρακος.
Εγνωστοποιήθη χθες ότι κατά την διάρκειαν της συνεδριάσεως απεφασίσθη η σύστασις επιτροπής, η οποία θα μελετήση τα σχετικά με την λειτουργίαν των υπηρεσιών. Ως γνωστόν, το θέμα απασχολεί ιδιαιτέρως τους αρμοδίους, οι οποίοι προέβησαν εις σχετικάς δηλώσεις. Την συνεδρίασιν παρηκολούθησαν εκπρόσωποι των αρχών και των οργανώσεων της πόλεως, ως και πλήθος κόσμου. Μετά το πέρας αυτής εδόθησαν αι σχετικαί οδηγίαι προς τας υπηρεσίας.
ΕΙΣ ΤΗΝ ΘΑΣΟΝ ΕΦΟΝΕΥΘΗ ΤΕΧΝΙΤΗΣ ΚΑΤΑΠΛΑΚΩΘΕΙΣ ΥΠΟ ΧΩΜΑΤΩΝ
ΕΝΕΡΓΟΥΝΤΑΙ ΑΝΑΚΡΙΣΕΙΣ
ΚΑΒΑΛΑ, 1.— Τραγικόν θάνατον ηύρεν εις την Θάσον ο τεχνίτης.
ΠΡΟΕΚΗΡΥΧΘΗΣΑΝ ΑΙ ΕΞΕΤΑΣΕΙΣ ΤΩΝ ΥΠΟΨΗΦΙΩΝ ΔΙΚΗΓΟΡΩΝ
Εγνωστοποιήθη χθες ότι κατά την διάρκειαν της συνεδριάσεως απεφασίσθη η σύστασις επιτροπής, η οποία θα μελετήση τα σχετικά με την λειτουργίαν των υπηρεσιών. Ως γνωστόν, το θέμα απασχολεί ιδιαιτέρως τους αρμοδίους, οι οποίοι προέβησαν εις σχετικάς δηλώσεις. Την συνεδρίασιν παρηκολούθησαν εκπρόσωποι των αρχών και των οργανώσεων της πόλεως, ως και πλήθος κόσμου. Μετά το πέρας αυτής εδόθησαν αι σχετικαί οδηγίαι προς τας υπηρεσίας.
ΟΥΔΕΜΙΑ ΝΟΜΙΜΟΠΟΙΗΣΙΣ ΑΥΘΑΙΡΕΤΩΝ ΚΤΙΣΜΑΤΩΝ ΒΙΟΜΗΧΑΝΙΩΝ
Εγνωστοποιήθη χθες ότι κατά την διάρκειαν της συνεδριάσεως απεφασίσθη η σύστασις επιτροπής, η οποία θα μελετήση τα σχετικά με την λειτουργίαν των υπηρεσιών. Ως γνωστόν, το θέμα απασχολεί ιδιαιτέρως τους αρμοδίους, οι οποίοι προέβησαν εις σχετικάς δηλώσεις. Την συνεδρίασιν παρηκολούθησαν εκπρόσωποι των αρχών και των οργανώσεων της πόλεως, ως και πλήθος κόσμου. Μετά το πέρας αυτής εδόθησαν αι σχετικαί οδηγίαι προς τας υπηρεσίας.
ΟΥΔΕΝ ΑΡΘΡΟΝ ΤΟΥ ΚΩΔΙΚΟΣ ΤΡΟΦΙΜΩΝ ΚΑΙ ΠΟΤΩΝ ΑΝΑΣΤΕΛΛΕΤΑΙ
ΑΘΗΝΑΙ, 1.— Ουδέν άρθρον του κώδικος τροφίμων αναστέλλεται.
Εγνωστοποιήθη χθες ότι κατά την διάρκειαν της συνεδριάσεως απεφασίσθη η σύστασις επιτροπής, η οποία θα μελετήση τα σχετικά με την λειτουργίαν των υπηρεσιών. Ως γνωστόν, το θέμα απασχολεί ιδιαιτέρως τους αρμοδίους, οι οποίοι προέβησαν εις σχετικάς δηλώσεις. Την συνεδρίασιν παρηκολούθησαν εκπρόσωποι των αρχών και των οργανώσεων της πόλεως, ως και πλήθος κόσμου. Μετά το πέρας αυτής εδόθησαν αι σχετικαί οδηγίαι προς τας υπηρεσίας.
ΠΟΙΝΙΚΟΝ ΑΔΙΚΗΜΑ Η ΥΛΟΤΟΜΙΑ ΑΝΕΥ ΑΔΕΙΑΣ ΤΗΣ ΔΑΣΙΚΗΣ ΑΡΧΗΣ
ΑΘΗΝΑΙ, 1.— Ποινικόν αδίκημα συνιστά η υλοτομία.
Εγνωστοποιήθη χθες ότι κατά την διάρκειαν της συνεδριάσεως απεφασίσθη η σύστασις επιτροπής, η οποία θα μελετήση τα σχετικά με την λειτουργίαν των υπηρεσιών. Ως γνωστόν, το θέμα απασχολεί ιδιαιτέρως τους αρμοδίους, οι οποίοι προέβησαν εις σχετικάς δηλώσεις. Την συνεδρίασιν παρηκολούθησαν εκπρόσωποι των αρχών και των οργανώσεων της πόλεως, ως και πλήθος κόσμου. Μετά το πέρας αυτής εδόθησαν αι σχετικαί οδηγίαι προς τας υπηρεσίας.
ΗΡΧΙΣΕΝ Η ΛΕΙΤΟΥΡΓΙΑ ΤΟΥ ΞΕΝΟΔΟΧΕΙΟΥ «ΗΛΕΚΤΡΑ ΠΑΛΛΑΣ»
Εγνωστοποιήθη χθες ότι κατά την διάρκειαν της συνεδριάσεως απεφασίσθη η σύστασις επιτροπής, η οποία θα μελετήση τα σχετικά με την λειτουργίαν των υπηρεσιών. Ως γνωστόν, το θέμα απασχολεί ιδιαιτέρως τους αρμοδίους, οι οποίοι προέβησαν εις σχετικάς δηλώσεις. Την συνεδρίασιν παρηκολούθησαν εκπρόσωποι των αρχών και των οργανώσεων της πόλεως, ως και πλήθος κόσμου. Μετά το πέρας αυτής εδόθησαν αι σχετικαί οδηγίαι προς τας υπηρεσίας.
ΤΑ ΕΙΣΑΓΟΜΕΝΑ ΣΙΓΑΡΕΤΤΑ ΥΠΟ ΤΑΞΙΔΙΩΤΩΝ
ΑΘΗΝΑΙ, 1.— Τα εισαγόμενα σιγαρέττα υπό ταξιδιωτών.
Εγνωστοποιήθη χθες ότι κατά την διάρκειαν της συνεδριάσεως απεφασίσθη η σύστασις επιτροπής, η οποία θα μελετήση τα σχετικά με την λειτουργίαν των υπηρεσιών. Ως γνωστόν, το θέμα απασχολεί ιδιαιτέρως τους αρμοδίους, οι οποίοι προέβησαν εις σχετικάς δηλώσεις. Την συνεδρίασιν παρηκολούθησαν εκπρόσωποι των αρχών και των οργανώσεων της πόλεως, ως και πλήθος κόσμου. Μετά το πέρας αυτής εδόθησαν αι σχετικαί οδηγίαι προς τας υπηρεσίας.
Η «ΟΛΥΜΠΙΑΚΗ» ΣΥΜΠΛΗΡΩΣΕ ΔΕΚΑΠΕΝΤΑΕΤΙΑΝ
ΑΘΗΝΑΙ, 1.— Η «Ολυμπιακή» συμπλήρωσε δεκαπενταετίαν.
Εγνωστοποιήθη χθες ότι κατά την διάρκειαν της συνεδριάσεως απεφασίσθη η σύστασις επιτροπής, η οποία θα μελετήση τα σχετικά με την λειτουργίαν των υπηρεσιών. Ως γνωστόν, το θέμα απασχολεί ιδιαιτέρως τους αρμοδίους, οι οποίοι προέβησαν εις σχετικάς δηλώσεις. Την συνεδρίασιν παρηκολούθησαν εκπρόσωποι των αρχών και των οργανώσεων της πόλεως, ως και πλήθος κόσμου. Μετά το πέρας αυτής εδόθησαν αι σχετικαί οδηγίαι προς τας υπηρεσίας.
